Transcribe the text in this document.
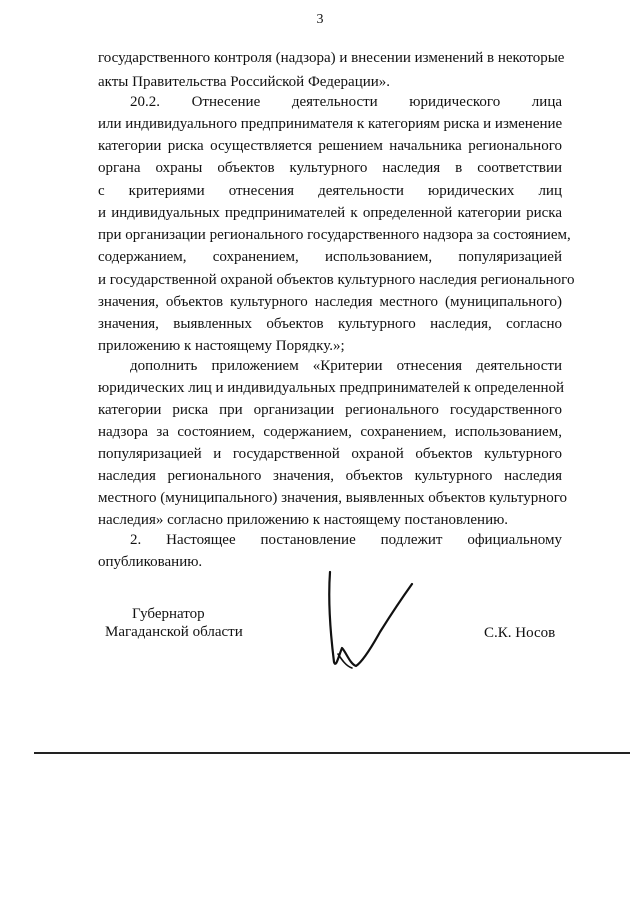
3
государственного контроля (надзора) и внесении изменений в некоторые
акты Правительства Российской Федерации».
20.2. Отнесение деятельности юридического лица
или индивидуального предпринимателя к категориям риска и изменение
категории риска осуществляется решением начальника регионального
органа охраны объектов культурного наследия в соответствии
с критериями отнесения деятельности юридических лиц
и индивидуальных предпринимателей к определенной категории риска
при организации регионального государственного надзора за состоянием,
содержанием, сохранением, использованием, популяризацией
и государственной охраной объектов культурного наследия регионального
значения, объектов культурного наследия местного (муниципального)
значения, выявленных объектов культурного наследия, согласно
приложению к настоящему Порядку.»;
дополнить приложением «Критерии отнесения деятельности
юридических лиц и индивидуальных предпринимателей к определенной
категории риска при организации регионального государственного
надзора за состоянием, содержанием, сохранением, использованием,
популяризацией и государственной охраной объектов культурного
наследия регионального значения, объектов культурного наследия
местного (муниципального) значения, выявленных объектов культурного
наследия» согласно приложению к настоящему постановлению.
2. Настоящее постановление подлежит официальному
опубликованию.
Губернатор
Магаданской области	С.К. Носов
